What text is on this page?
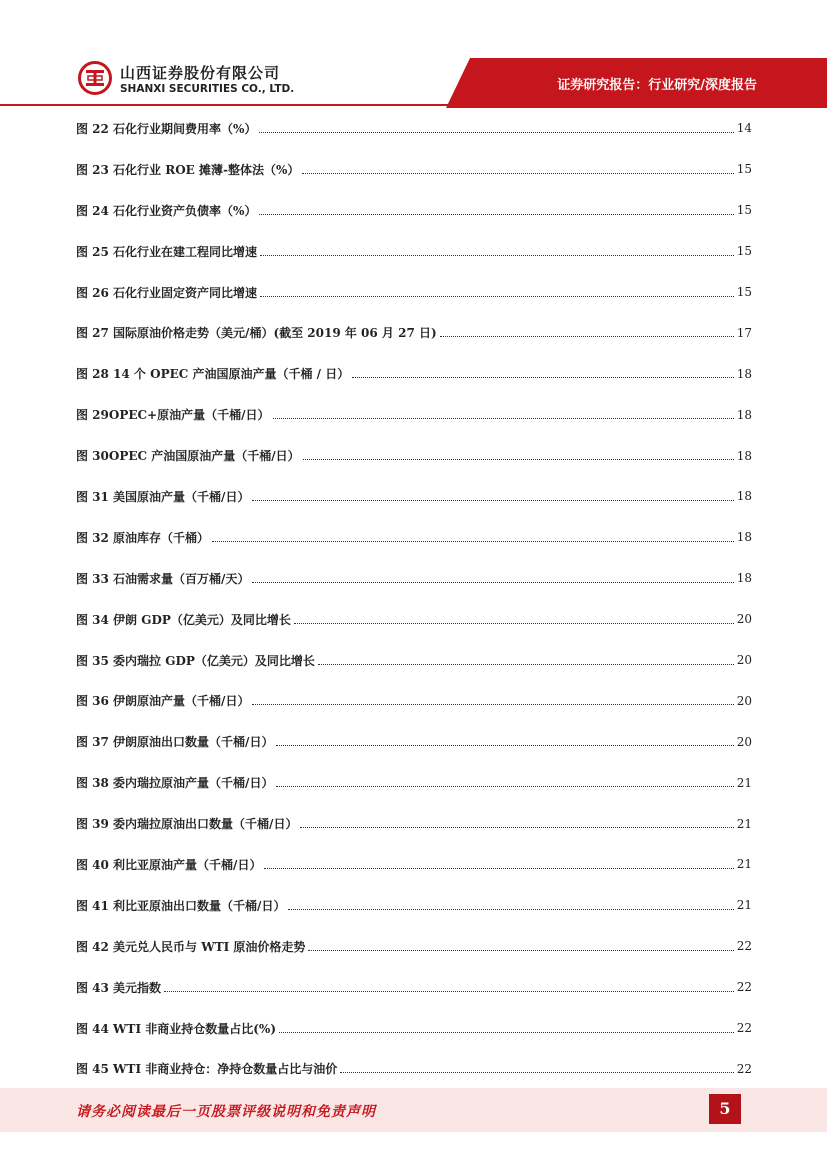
山西证券股份有限公司
SHANXI SECURITIES CO., LTD.	证券研究报告：行业研究/深度报告
图 22 石化行业期间费用率（%）	14
图 23 石化行业 ROE 摊薄-整体法（%）	15
图 24 石化行业资产负债率（%）	15
图 25 石化行业在建工程同比增速	15
图 26 石化行业固定资产同比增速	15
图 27 国际原油价格走势（美元/桶）(截至 2019 年 06 月 27 日)	17
图 28 14 个 OPEC 产油国原油产量（千桶 / 日）	18
图 29OPEC+原油产量（千桶/日）	18
图 30OPEC 产油国原油产量（千桶/日）	18
图 31 美国原油产量（千桶/日）	18
图 32 原油库存（千桶）	18
图 33 石油需求量（百万桶/天）	18
图 34 伊朗 GDP（亿美元）及同比增长	20
图 35 委内瑞拉 GDP（亿美元）及同比增长	20
图 36 伊朗原油产量（千桶/日）	20
图 37 伊朗原油出口数量（千桶/日）	20
图 38 委内瑞拉原油产量（千桶/日）	21
图 39 委内瑞拉原油出口数量（千桶/日）	21
图 40 利比亚原油产量（千桶/日）	21
图 41 利比亚原油出口数量（千桶/日）	21
图 42 美元兑人民币与 WTI 原油价格走势	22
图 43 美元指数	22
图 44 WTI 非商业持仓数量占比(%)	22
图 45 WTI 非商业持仓：净持仓数量占比与油价	22
请务必阅读最后一页股票评级说明和免责声明	5
